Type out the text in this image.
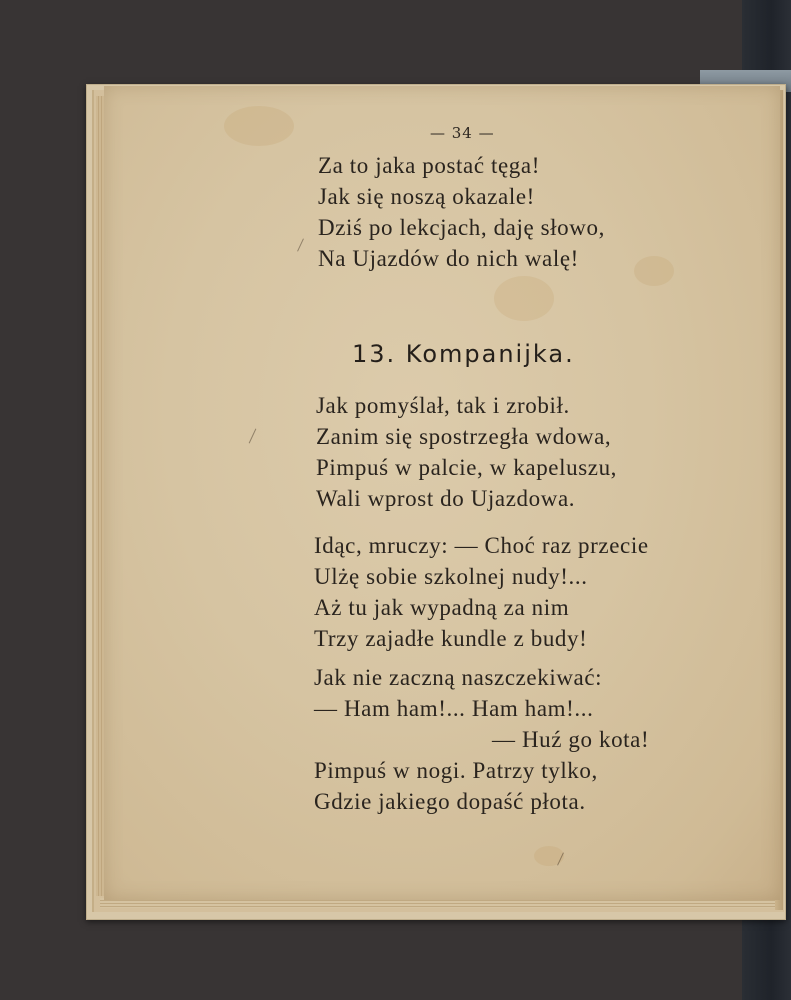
— 34 —
Za to jaka postać tęga!
Jak się noszą okazale!
Dziś po lekcjach, daję słowo,
Na Ujazdów do nich walę!
13. Kompanijka.
Jak pomyślał, tak i zrobił.
Zanim się spostrzegła wdowa,
Pimpuś w palcie, w kapeluszu,
Wali wprost do Ujazdowa.
Idąc, mruczy: — Choć raz przecie
Ulżę sobie szkolnej nudy!...
Aż tu jak wypadną za nim
Trzy zajadłe kundle z budy!
Jak nie zaczną naszczekiwać:
— Ham ham!... Ham ham!...
— Huź go kota!
Pimpuś w nogi. Patrzy tylko,
Gdzie jakiego dopaść płota.
